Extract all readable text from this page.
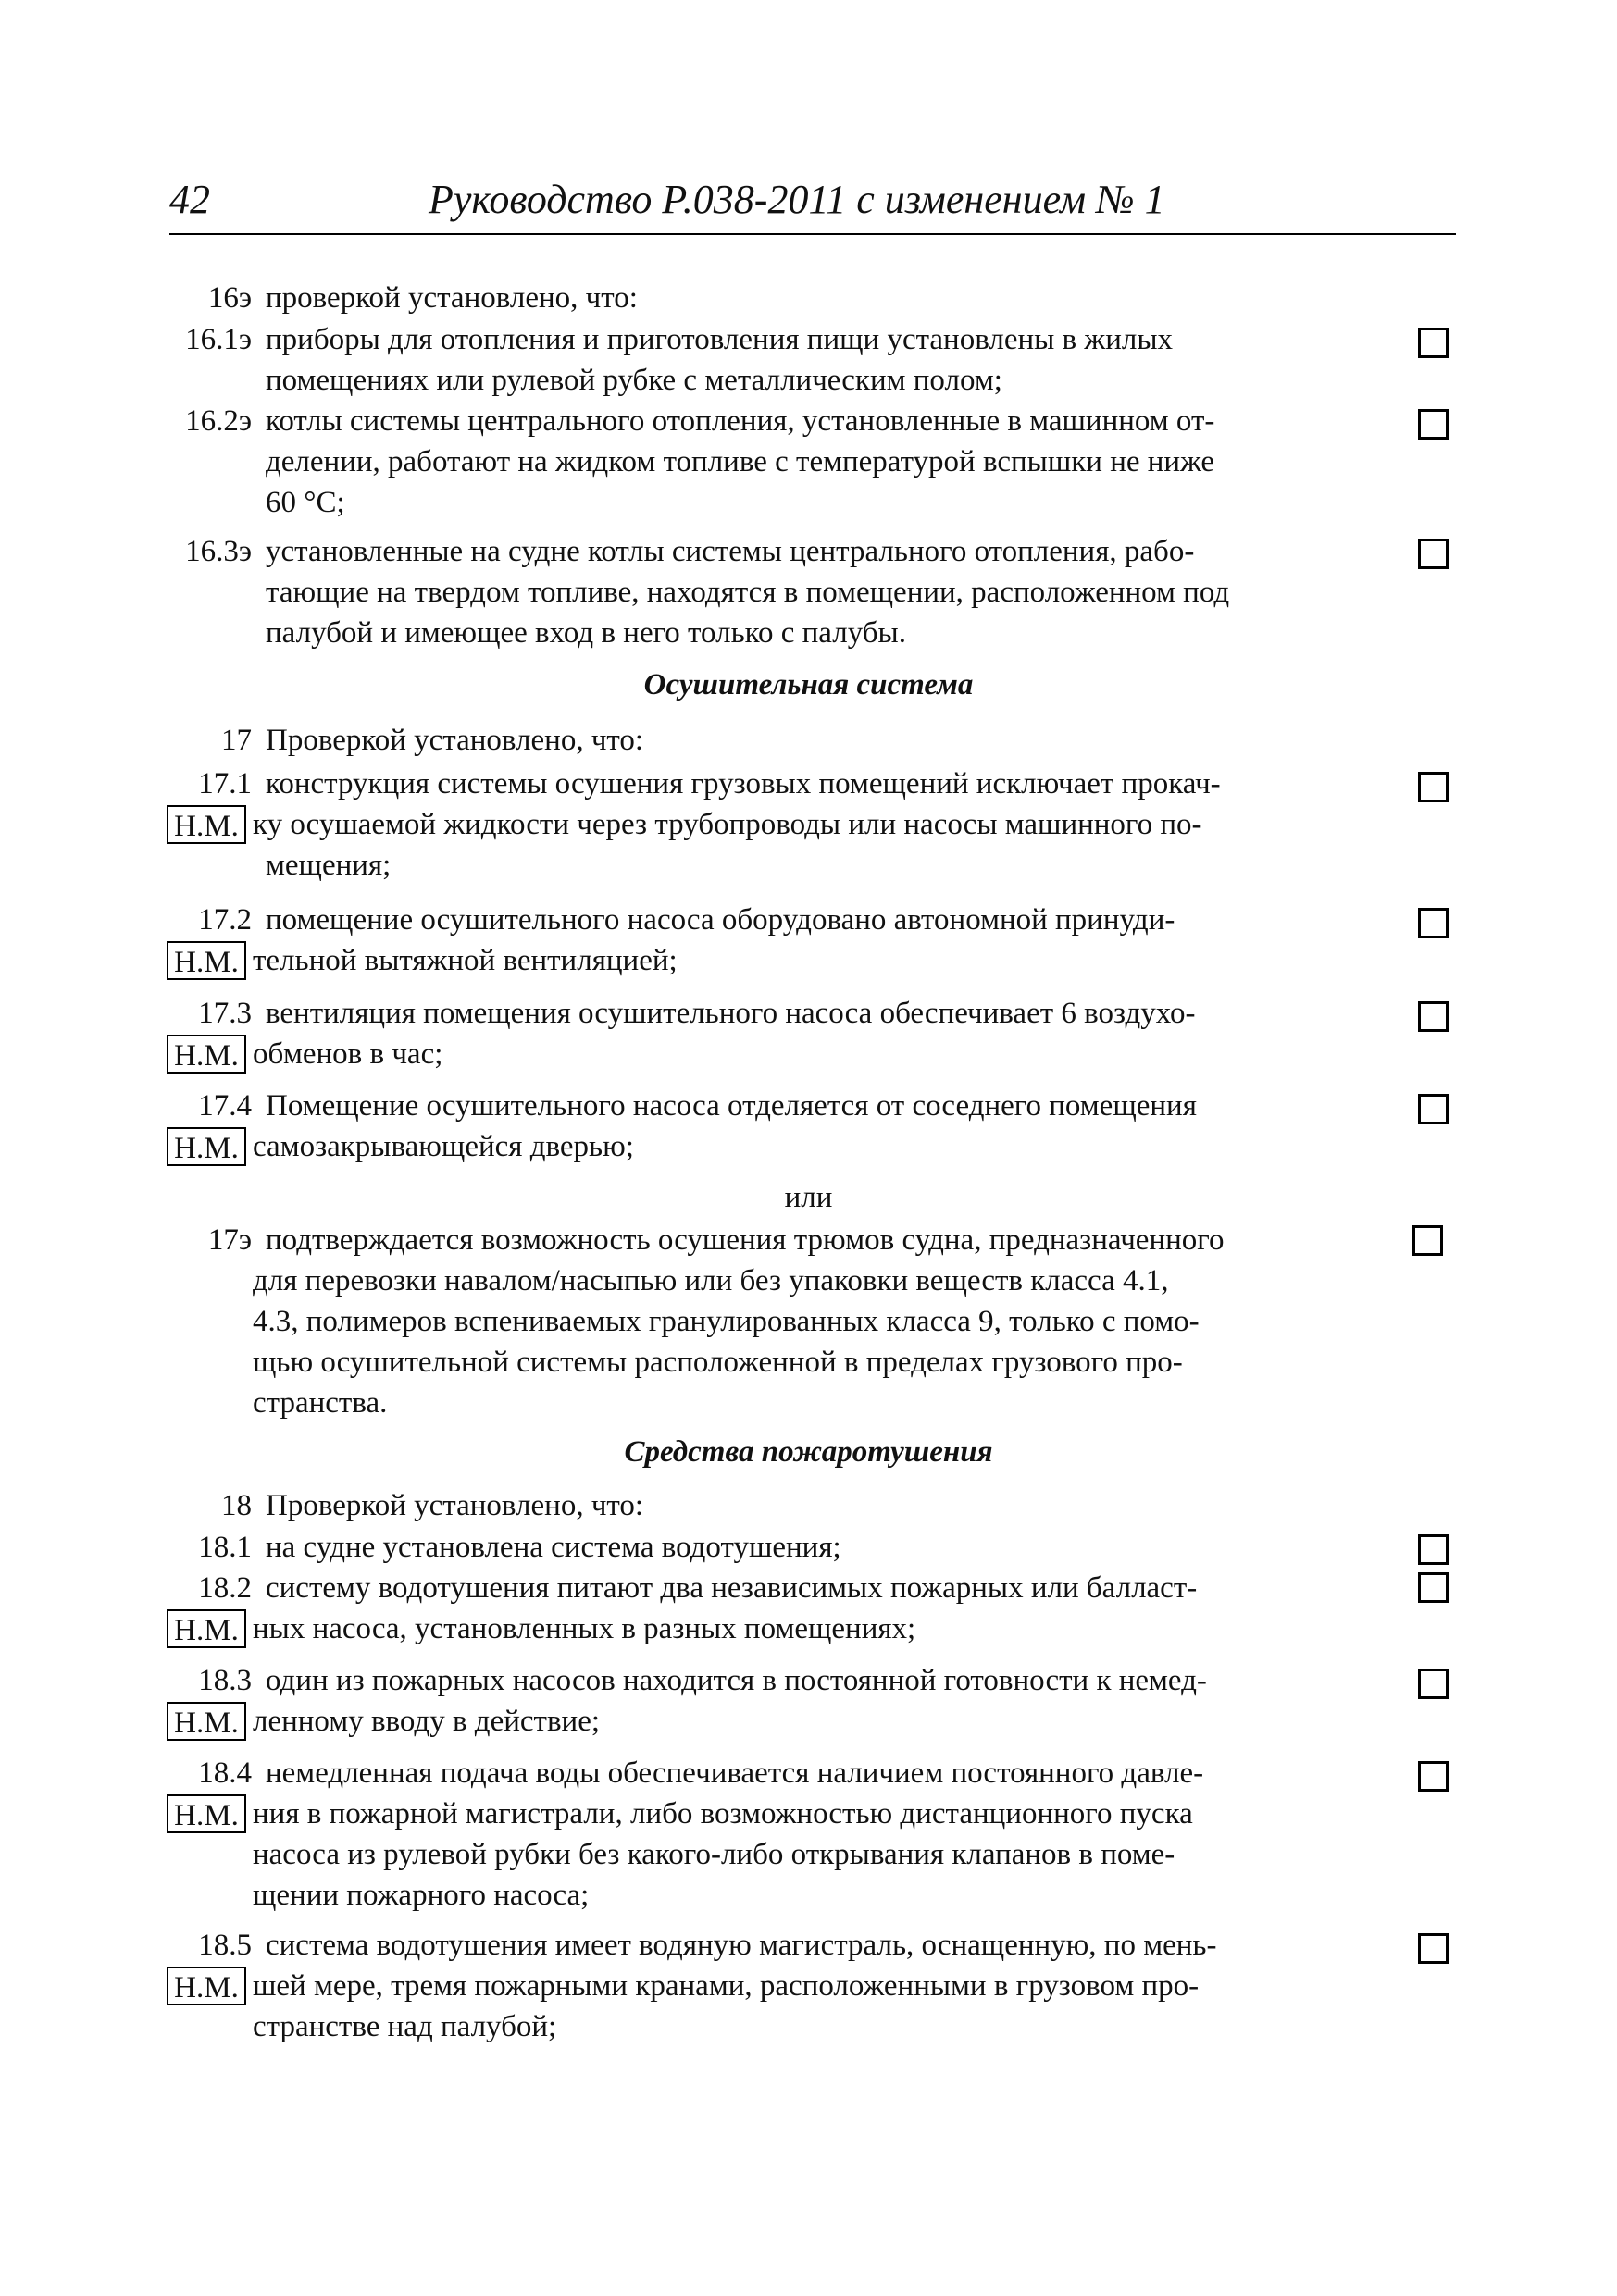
42	Руководство Р.038-2011 с изменением № 1
16э проверкой установлено, что:
16.1э приборы для отопления и приготовления пищи установлены в жилых
помещениях или рулевой рубке с металлическим полом;
16.2э котлы системы центрального отопления, установленные в машинном от-
делении, работают на жидком топливе с температурой вспышки не ниже
60 °С;
16.3э установленные на судне котлы системы центрального отопления, рабо-
тающие на твердом топливе, находятся в помещении, расположенном под
палубой и имеющее вход в него только с палубы.
Осушительная система
17 Проверкой установлено, что:
17.1 конструкция системы осушения грузовых помещений исключает прокач-
ку осушаемой жидкости через трубопроводы или насосы машинного по-
мещения;
Н.М.
17.2 помещение осушительного насоса оборудовано автономной принуди-
тельной вытяжной вентиляцией;
Н.М.
17.3 вентиляция помещения осушительного насоса обеспечивает 6 воздухо-
обменов в час;
Н.М.
17.4 Помещение осушительного насоса отделяется от соседнего помещения
самозакрывающейся дверью;
Н.М.
или
17э подтверждается возможность осушения трюмов судна, предназначенного
для перевозки навалом/насыпью или без упаковки веществ класса 4.1,
4.3, полимеров вспениваемых гранулированных класса 9, только с помо-
щью осушительной системы расположенной в пределах грузового про-
странства.
Средства пожаротушения
18 Проверкой установлено, что:
18.1 на судне установлена система водотушения;
18.2 систему водотушения питают два независимых пожарных или балласт-
ных насоса, установленных в разных помещениях;
Н.М.
18.3 один из пожарных насосов находится в постоянной готовности к немед-
ленному вводу в действие;
Н.М.
18.4 немедленная подача воды обеспечивается наличием постоянного давле-
ния в пожарной магистрали, либо возможностью дистанционного пуска
насоса из рулевой рубки без какого-либо открывания клапанов в поме-
щении пожарного насоса;
Н.М.
18.5 система водотушения имеет водяную магистраль, оснащенную, по мень-
шей мере, тремя пожарными кранами, расположенными в грузовом про-
странстве над палубой;
Н.М.
